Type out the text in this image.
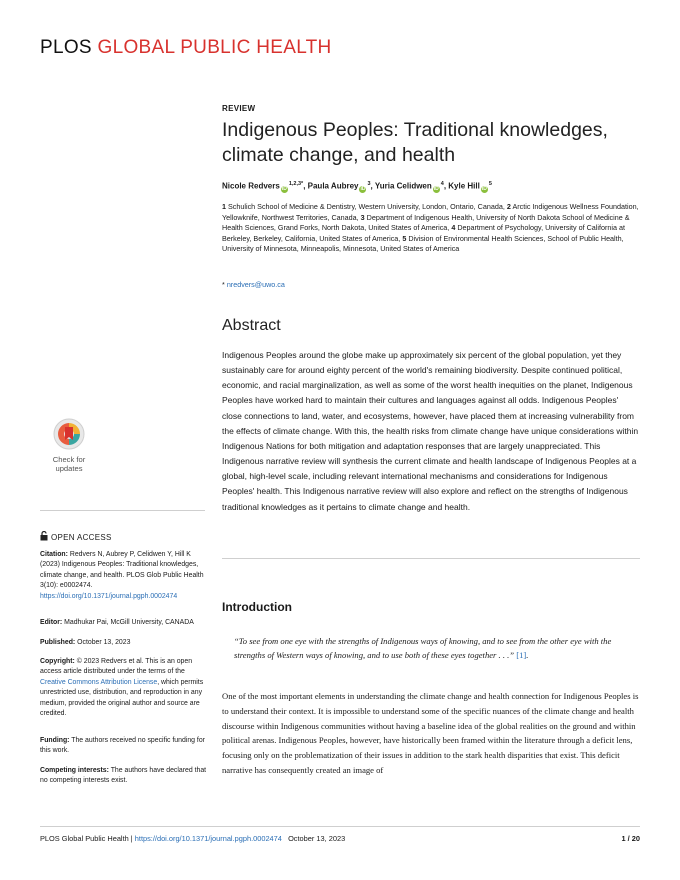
PLOS GLOBAL PUBLIC HEALTH
REVIEW
Indigenous Peoples: Traditional knowledges, climate change, and health
Nicole Redvers $iD^{1,2,3*}$, Paula Aubrey $iD^3$, Yuria Celidwen $iD^4$, Kyle Hill $iD^5$
1 Schulich School of Medicine & Dentistry, Western University, London, Ontario, Canada, 2 Arctic Indigenous Wellness Foundation, Yellowknife, Northwest Territories, Canada, 3 Department of Indigenous Health, University of North Dakota School of Medicine & Health Sciences, Grand Forks, North Dakota, United States of America, 4 Department of Psychology, University of California at Berkeley, Berkeley, California, United States of America, 5 Division of Environmental Health Sciences, School of Public Health, University of Minnesota, Minneapolis, Minnesota, United States of America
* nredvers@uwo.ca
Abstract
Indigenous Peoples around the globe make up approximately six percent of the global population, yet they sustainably care for around eighty percent of the world's remaining biodiversity. Despite continued political, economic, and racial marginalization, as well as some of the worst health inequities on the planet, Indigenous Peoples have worked hard to maintain their cultures and languages against all odds. Indigenous Peoples' close connections to land, water, and ecosystems, however, have placed them at increasing vulnerability from the effects of climate change. With this, the health risks from climate change have unique considerations within Indigenous Nations for both mitigation and adaptation responses that are largely unappreciated. This Indigenous narrative review will synthesis the current climate and health landscape of Indigenous Peoples at a global, high-level scale, including relevant international mechanisms and considerations for Indigenous Peoples' health. This Indigenous narrative review will also explore and reflect on the strengths of Indigenous traditional knowledges as it pertains to climate change and health.
Introduction
“To see from one eye with the strengths of Indigenous ways of knowing, and to see from the other eye with the strengths of Western ways of knowing, and to use both of these eyes together . . .” [1].
One of the most important elements in understanding the climate change and health connection for Indigenous Peoples is to understand their context. It is impossible to understand some of the specific nuances of the climate change and health discourse within Indigenous communities without having a baseline idea of the global realities on the ground and within political arenas. Indigenous Peoples, however, have historically been framed within the literature through a deficit lens, focusing only on the problematization of their issues in addition to the stark health disparities that exist. This deficit narrative has consequently created an image of
Check for
updates
OPEN ACCESS
Citation: Redvers N, Aubrey P, Celidwen Y, Hill K (2023) Indigenous Peoples: Traditional knowledges, climate change, and health. PLOS Glob Public Health 3(10): e0002474. https://doi.org/10.1371/journal.pgph.0002474
Editor: Madhukar Pai, McGill University, CANADA
Published: October 13, 2023
Copyright: © 2023 Redvers et al. This is an open access article distributed under the terms of the Creative Commons Attribution License, which permits unrestricted use, distribution, and reproduction in any medium, provided the original author and source are credited.
Funding: The authors received no specific funding for this work.
Competing interests: The authors have declared that no competing interests exist.
PLOS Global Public Health | https://doi.org/10.1371/journal.pgph.0002474 October 13, 2023	1 / 20
